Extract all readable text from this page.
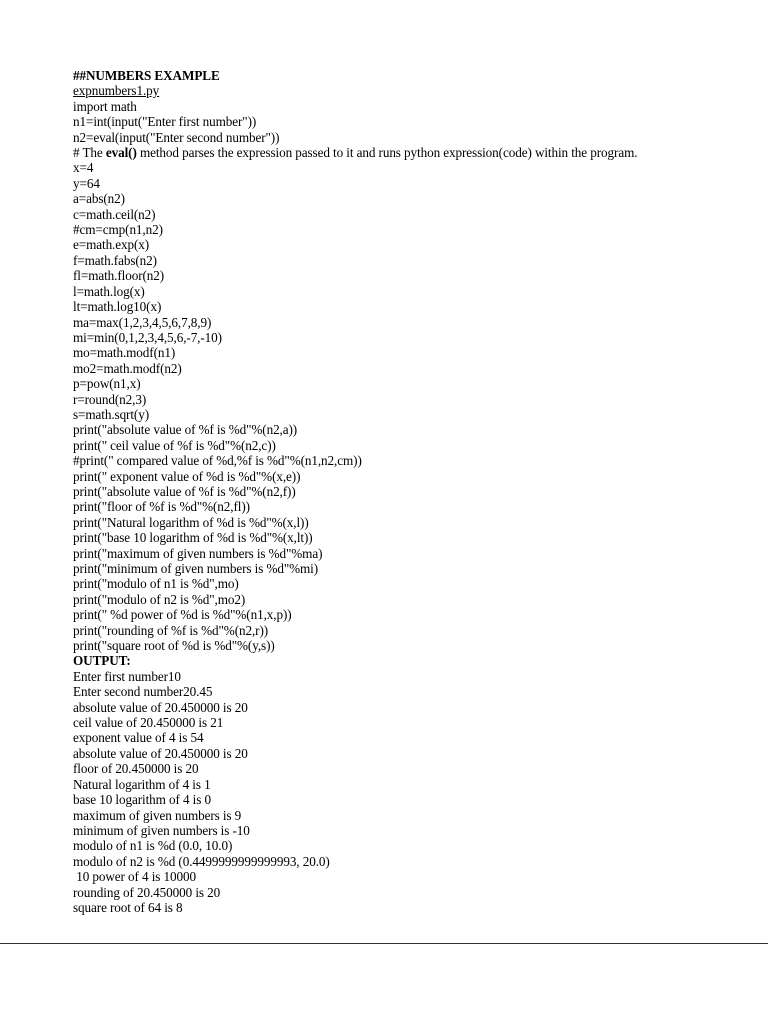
##NUMBERS EXAMPLE
expnumbers1.py
import math
n1=int(input("Enter first number"))
n2=eval(input("Enter second number"))
# The eval() method parses the expression passed to it and runs python expression(code) within the program.
x=4
y=64
a=abs(n2)
c=math.ceil(n2)
#cm=cmp(n1,n2)
e=math.exp(x)
f=math.fabs(n2)
fl=math.floor(n2)
l=math.log(x)
lt=math.log10(x)
ma=max(1,2,3,4,5,6,7,8,9)
mi=min(0,1,2,3,4,5,6,-7,-10)
mo=math.modf(n1)
mo2=math.modf(n2)
p=pow(n1,x)
r=round(n2,3)
s=math.sqrt(y)
print("absolute value of %f is %d"%(n2,a))
print(" ceil value of %f is %d"%(n2,c))
#print(" compared value of %d,%f is %d"%(n1,n2,cm))
print(" exponent value of %d is %d"%(x,e))
print("absolute value of %f is %d"%(n2,f))
print("floor of %f is %d"%(n2,fl))
print("Natural logarithm of %d is %d"%(x,l))
print("base 10 logarithm of %d is %d"%(x,lt))
print("maximum of given numbers is %d"%ma)
print("minimum of given numbers is %d"%mi)
print("modulo of n1 is %d",mo)
print("modulo of n2 is %d",mo2)
print(" %d power of %d is %d"%(n1,x,p))
print("rounding of %f is %d"%(n2,r))
print("square root of %d is %d"%(y,s))
OUTPUT:
Enter first number10
Enter second number20.45
absolute value of 20.450000 is 20
ceil value of 20.450000 is 21
exponent value of 4 is 54
absolute value of 20.450000 is 20
floor of 20.450000 is 20
Natural logarithm of 4 is 1
base 10 logarithm of 4 is 0
maximum of given numbers is 9
minimum of given numbers is -10
modulo of n1 is %d (0.0, 10.0)
modulo of n2 is %d (0.4499999999999993, 20.0)
10 power of 4 is 10000
rounding of 20.450000 is 20
square root of 64 is 8
